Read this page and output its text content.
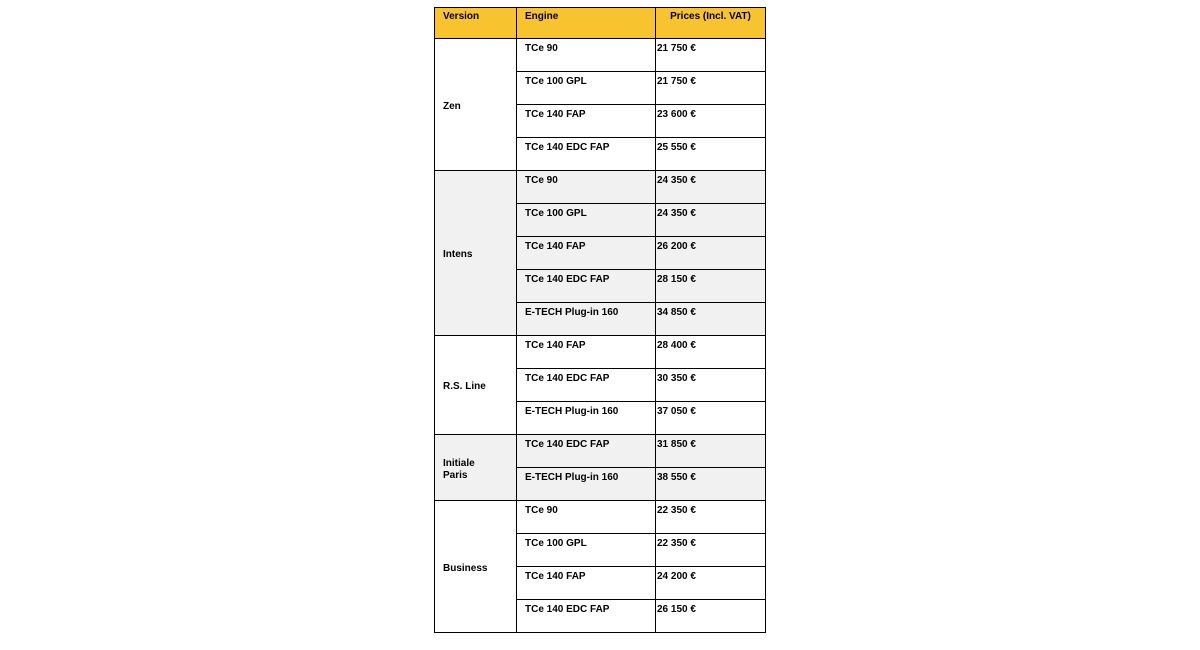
Version	Engine	Prices (Incl. VAT)
Zen	TCe 90	21 750 €
	TCe 100 GPL	21 750 €
	TCe 140 FAP	23 600 €
	TCe 140 EDC FAP	25 550 €
Intens	TCe 90	24 350 €
	TCe 100 GPL	24 350 €
	TCe 140 FAP	26 200 €
	TCe 140 EDC FAP	28 150 €
	E-TECH Plug-in 160	34 850 €
R.S. Line	TCe 140 FAP	28 400 €
	TCe 140 EDC FAP	30 350 €
	E-TECH Plug-in 160	37 050 €
Initiale Paris	TCe 140 EDC FAP	31 850 €
	E-TECH Plug-in 160	38 550 €
Business	TCe 90	22 350 €
	TCe 100 GPL	22 350 €
	TCe 140 FAP	24 200 €
	TCe 140 EDC FAP	26 150 €
